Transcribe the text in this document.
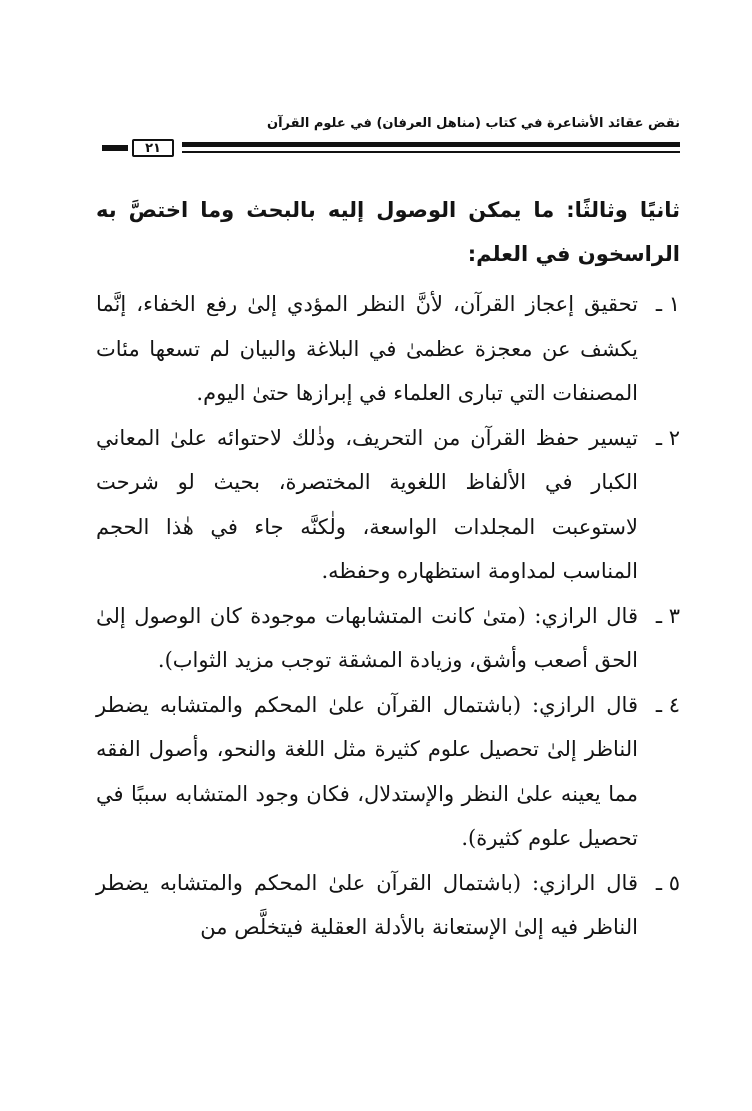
نقض عقائد الأشاعرة في كتاب (مناهل العرفان) في علوم القرآن
٢١
ثانيًا وثالثًا: ما يمكن الوصول إليه بالبحث وما اختصَّ به الراسخون في العلم:
١ ـ
تحقيق إعجاز القرآن، لأنَّ النظر المؤدي إلىٰ رفع الخفاء، إنَّما يكشف عن معجزة عظمىٰ في البلاغة والبيان لم تسعها مئات المصنفات التي تبارى العلماء في إبرازها حتىٰ اليوم.
٢ ـ
تيسير حفظ القرآن من التحريف، وذٰلك لاحتوائه علىٰ المعاني الكبار في الألفاظ اللغوية المختصرة، بحيث لو شرحت لاستوعبت المجلدات الواسعة، ولٰكنَّه جاء في هٰذا الحجم المناسب لمداومة استظهاره وحفظه.
٣ ـ
قال الرازي: (متىٰ كانت المتشابهات موجودة كان الوصول إلىٰ الحق أصعب وأشق، وزيادة المشقة توجب مزيد الثواب).
٤ ـ
قال الرازي: (باشتمال القرآن علىٰ المحكم والمتشابه يضطر الناظر إلىٰ تحصيل علوم كثيرة مثل اللغة والنحو، وأصول الفقه مما يعينه علىٰ النظر والإستدلال، فكان وجود المتشابه سببًا في تحصيل علوم كثيرة).
٥ ـ
قال الرازي: (باشتمال القرآن علىٰ المحكم والمتشابه يضطر الناظر فيه إلىٰ الإستعانة بالأدلة العقلية فيتخلَّص من
